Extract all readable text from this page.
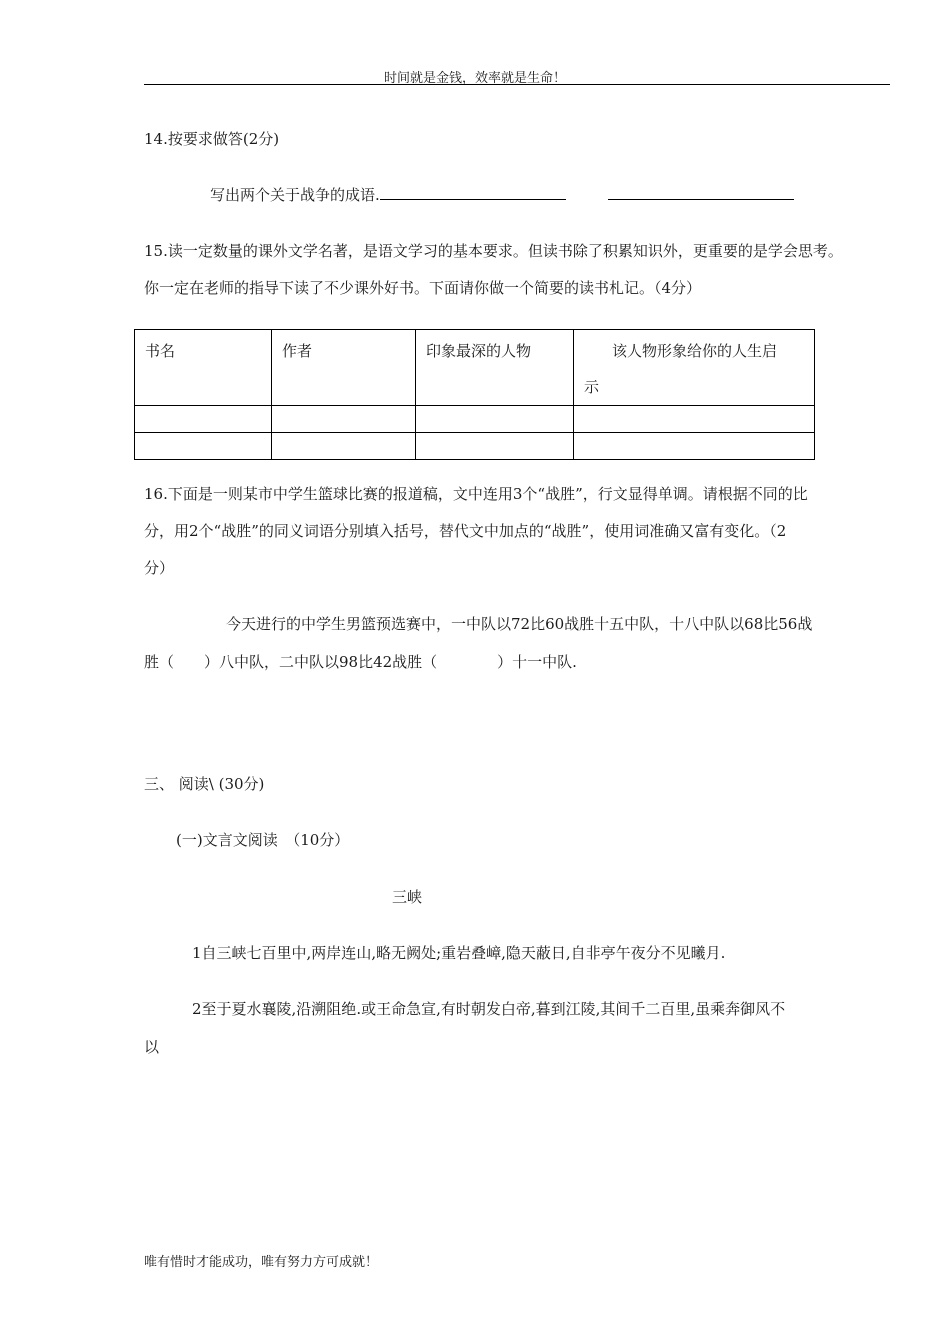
时间就是金钱，效率就是生命！
14.按要求做答(2分)
写出两个关于战争的成语.
15.读一定数量的课外文学名著，是语文学习的基本要求。但读书除了积累知识外，更重要的是学会思考。
你一定在老师的指导下读了不少课外好书。下面请你做一个简要的读书札记。（4分）
书名	作者	印象最深的人物	该人物形象给你的人生启
示

16.下面是一则某市中学生篮球比赛的报道稿，文中连用3个“战胜”，行文显得单调。请根据不同的比
分，用2个“战胜”的同义词语分别填入括号，替代文中加点的“战胜”，使用词准确又富有变化。（2
分）
今天进行的中学生男篮预选赛中，一中队以72比60战胜十五中队，十八中队以68比56战
胜（　　）八中队，二中队以98比42战胜（　　　　）十一中队.
三、 阅读\ (30分)
(一)文言文阅读　（10分）
三峡
1自三峡七百里中,两岸连山,略无阙处;重岩叠嶂,隐天蔽日,自非亭午夜分不见曦月.
2至于夏水襄陵,沿溯阻绝.或王命急宣,有时朝发白帝,暮到江陵,其间千二百里,虽乘奔御风不
以
唯有惜时才能成功，唯有努力方可成就！
